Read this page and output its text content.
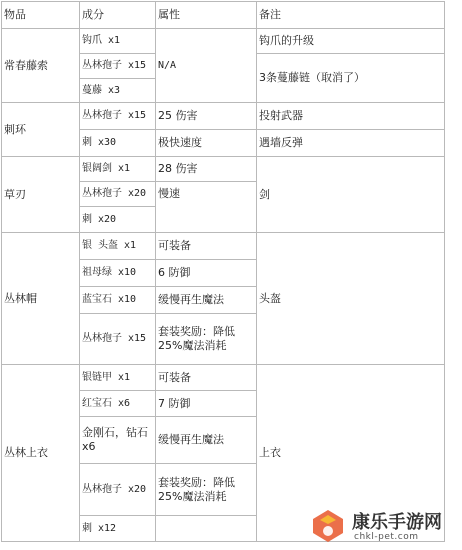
物品	成分	属性	备注
常春藤索	钩爪 x1	N/A	钩爪的升级
	丛林孢子 x15		3条蔓藤链（取消了）
	蔓藤 x3		
刺环	丛林孢子 x15	25 伤害	投射武器
	刺 x30	极快速度	遇墙反弹
草刃	银阔剑 x1	28 伤害	剑
	丛林孢子 x20	慢速	
	刺 x20		
丛林帽	银 头盔 x1	可装备	头盔
	祖母绿 x10	6 防御	
	蓝宝石 x10	缓慢再生魔法	
	丛林孢子 x15	套装奖励：降低25%魔法消耗	
丛林上衣	银链甲 x1	可装备	上衣
	红宝石 x6	7 防御	
	金刚石，钻石 x6	缓慢再生魔法	
	丛林孢子 x20	套装奖励：降低25%魔法消耗	
	刺 x12			康乐手游网
chkl-pet.com
